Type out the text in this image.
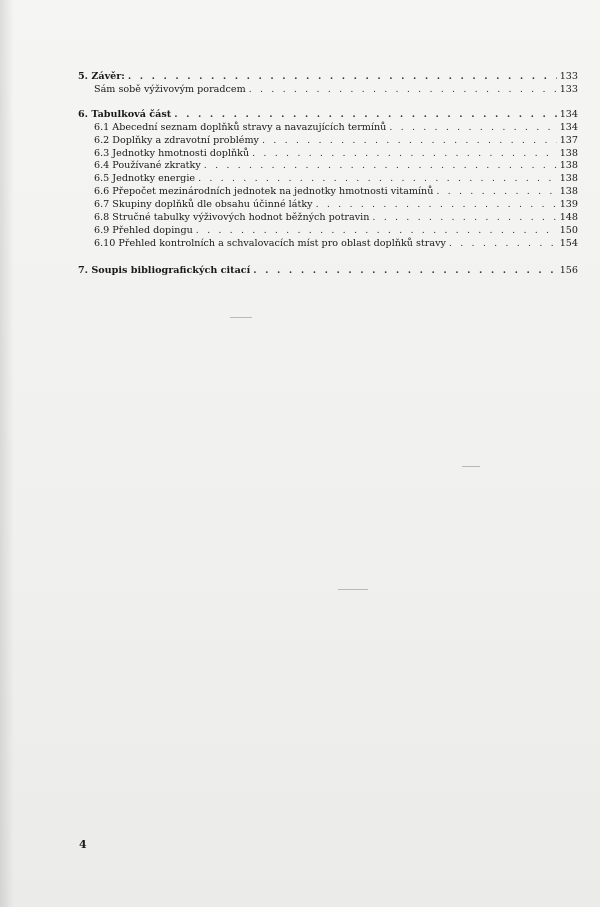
5. Závěr: . . .	133
Sám sobě výživovým poradcem . . .	133
6. Tabulková část . . .	134
6.1 Abecední seznam doplňků stravy a navazujících termínů . . .	134
6.2 Doplňky a zdravotní problémy . . .	137
6.3 Jednotky hmotnosti doplňků . . .	138
6.4 Používané zkratky . . .	138
6.5 Jednotky energie . . .	138
6.6 Přepočet mezinárodních jednotek na jednotky hmotnosti vitamínů . . .	138
6.7 Skupiny doplňků dle obsahu účinné látky . . .	139
6.8 Stručné tabulky výživových hodnot běžných potravin . . .	148
6.9 Přehled dopingu . . .	150
6.10 Přehled kontrolních a schvalovacích míst pro oblast doplňků stravy . . .	154
7. Soupis bibliografických citací . . .	156
4
